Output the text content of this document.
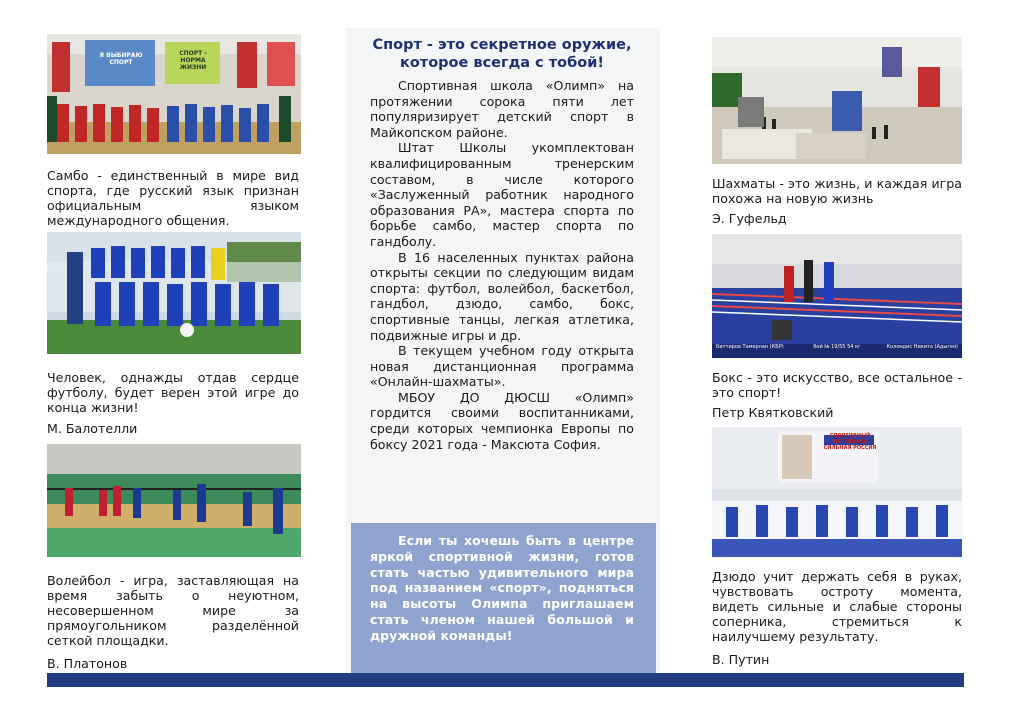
Я ВЫБИРАЮ СПОРТ
СПОРТ - НОРМА ЖИЗНИ

Самбо - единственный в мире вид спорта, где русский язык признан официальным языком международного общения.

Человек, однажды отдав сердце футболу, будет верен этой игре до конца жизни!

М. Балотелли

Волейбол - игра, заставляющая на время забыть о неуютном, несовершенном мире за прямоугольником разделённой сеткой площадки.

В. Платонов

Спорт - это секретное оружие, которое всегда с тобой!

Спортивная школа «Олимп» на протяжении сорока пяти лет популяризирует детский спорт в Майкопском районе.

Штат Школы укомплектован квалифицированным тренерским составом, в числе которого «Заслуженный работник народного образования РА», мастера спорта по борьбе самбо, мастер спорта по гандболу.

В 16 населенных пунктах района открыты секции по следующим видам спорта: футбол, волейбол, баскетбол, гандбол, дзюдо, самбо, бокс, спортивные танцы, легкая атлетика, подвижные игры и др.

В текущем учебном году открыта новая дистанционная программа «Онлайн-шахматы».

МБОУ ДО ДЮСШ «Олимп» гордится своими воспитанниками, среди которых чемпионка Европы по боксу 2021 года - Максюта София.

Если ты хочешь быть в центре яркой спортивной жизни, готов стать частью удивительного мира под названием «спорт», подняться на высоты Олимпа приглашаем стать членом нашей большой и дружной команды!

Шахматы - это жизнь, и каждая игра похожа на новую жизнь

Э. Гуфельд

Биттиров Тамерлан (КБР)	бой № 19/55 54 кг	Колондис Никита (Адыгея)

Бокс - это искусство, все остальное - это спорт!

Петр Квятковский

СПОРТИВНЫЙ ФЕСТИВАЛЬ СИЛЬНАЯ РОССИЯ

Дзюдо учит держать себя в руках, чувствовать остроту момента, видеть сильные и слабые стороны соперника, стремиться к наилучшему результату.

В. Путин
